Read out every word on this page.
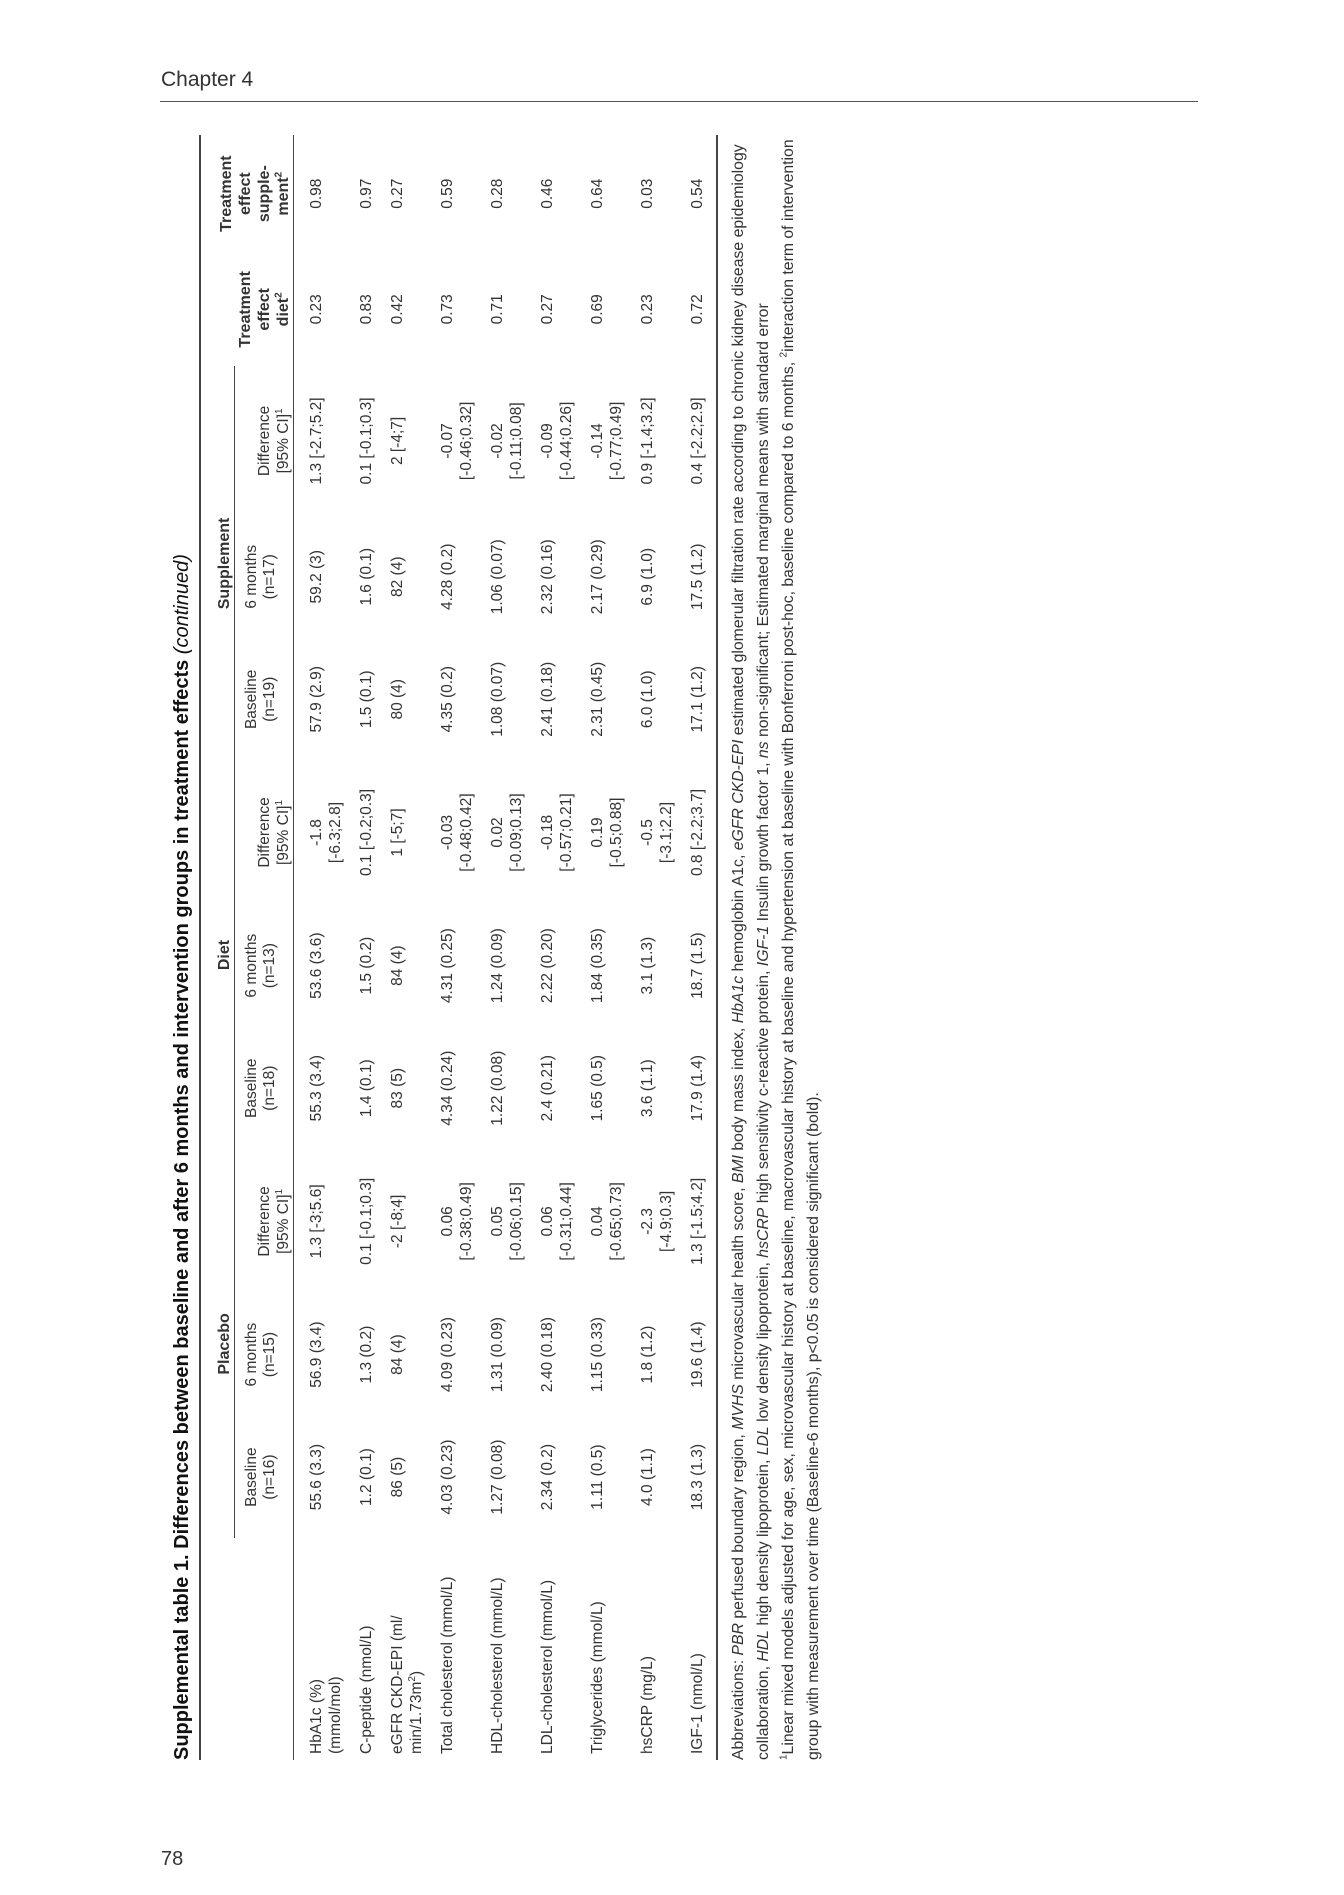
Chapter 4
78
Supplemental table 1. Differences between baseline and after 6 months and intervention groups in treatment effects (continued)

	Placebo			Diet			Supplement			Treatment effect diet$^2$	Treatment effect supple- ment$^2$
	Baseline	6 months	Difference [95% CI]$^1$	Baseline	6 months	Difference [95% CI]$^1$	Baseline	6 months	Difference [95% CI]$^1$
	(n=16)	(n=15)		(n=18)	(n=13)		(n=19)	(n=17)			

HbA1c (%) (mmol/mol)	55.6 (3.3)	56.9 (3.4)	1.3 [-3;5.6]	55.3 (3.4)	53.6 (3.6)	-1.8 [-6.3;2.8]	57.9 (2.9)	59.2 (3)	1.3 [-2.7;5.2]	0.23	0.98
C-peptide (nmol/L)	1.2 (0.1)	1.3 (0.2)	0.1 [-0.1;0.3]	1.4 (0.1)	1.5 (0.2)	0.1 [-0.2;0.3]	1.5 (0.1)	1.6 (0.1)	0.1 [-0.1;0.3]	0.83	0.97
eGFR CKD-EPI (ml/ $\min/1.73m^2$)	86 (5)	84 (4)	-2 [-8;4]	83 (5)	84 (4)	1 [-5;7]	80 (4)	82 (4)	2 [-4;7]	0.42	0.27
Total cholesterol (mmol/L)	4.03 (0.23)	4.09 (0.23)	0.06 [-0.38;0.49]	4.34 (0.24)	4.31 (0.25)	-0.03 [-0.48;0.42]	4.35 (0.2)	4.28 (0.2)	-0.07 [-0.46;0.32]	0.73	0.59
HDL-cholesterol (mmol/L)	1.27 (0.08)	1.31 (0.09)	0.05 [-0.06;0.15]	1.22 (0.08)	1.24 (0.09)	0.02 [-0.09;0.13]	1.08 (0.07)	1.06 (0.07)	-0.02 [-0.11;0.08]	0.71	0.28
LDL-cholesterol (mmol/L)	2.34 (0.2)	2.40 (0.18)	0.06 [-0.31;0.44]	2.4 (0.21)	2.22 (0.20)	-0.18 [-0.57;0.21]	2.41 (0.18)	2.32 (0.16)	-0.09 [-0.44;0.26]	0.27	0.46
Triglycerides (mmol/L)	1.11 (0.5)	1.15 (0.33)	0.04 [-0.65;0.73]	1.65 (0.5)	1.84 (0.35)	0.19 [-0.5;0.88]	2.31 (0.45)	2.17 (0.29)	-0.14 [-0.77;0.49]	0.69	0.64
hsCRP (mg/L)	4.0 (1.1)	1.8 (1.2)	-2.3 [-4.9;0.3]	3.6 (1.1)	3.1 (1.3)	-0.5 [-3.1;2.2]	6.0 (1.0)	6.9 (1.0)	0.9 [-1.4;3.2]	0.23	0.03
IGF-1 (nmol/L)	18.3 (1.3)	19.6 (1.4)	1.3 [-1.5;4.2]	17.9 (1.4)	18.7 (1.5)	0.8 [-2.2;3.7]	17.1 (1.2)	17.5 (1.2)	0.4 [-2.2;2.9]	0.72	0.54

Abbreviations: PBR perfused boundary region, MVHS microvascular health score, BMI body mass index, HbA1c hemoglobin A1c, eGFR CKD-EPI estimated glomerular filtration rate according to chronic kidney disease epidemiology collaboration, HDL high density lipoprotein, LDL low density lipoprotein, hsCRP high sensitivity c-reactive protein, IGF-1 Insulin growth factor 1, ns non-significant; Estimated marginal means with standard error

$^1$Linear mixed models adjusted for age, sex, microvascular history at baseline, macrovascular history at baseline and hypertension at baseline with Bonferroni post-hoc, baseline compared to 6 months, $^2$interaction term of intervention group with measurement over time (Baseline-6 months), p<0.05 is considered significant (bold).
